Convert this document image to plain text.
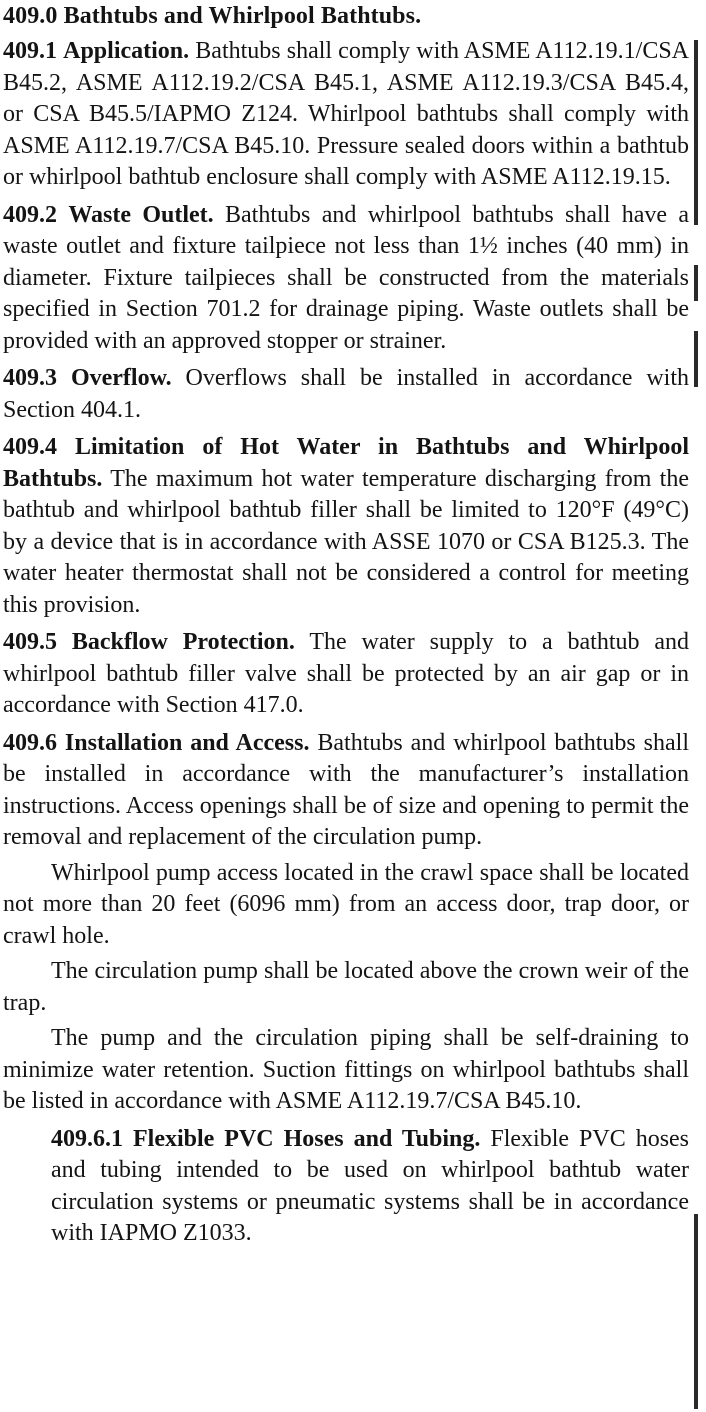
409.0 Bathtubs and Whirlpool Bathtubs.

409.1 Application. Bathtubs shall comply with ASME A112.19.1/CSA B45.2, ASME A112.19.2/CSA B45.1, ASME A112.19.3/CSA B45.4, or CSA B45.5/IAPMO Z124. Whirlpool bathtubs shall comply with ASME A112.19.7/CSA B45.10. Pressure sealed doors within a bathtub or whirlpool bathtub enclosure shall comply with ASME A112.19.15.

409.2 Waste Outlet. Bathtubs and whirlpool bathtubs shall have a waste outlet and fixture tailpiece not less than 1½ inches (40 mm) in diameter. Fixture tailpieces shall be constructed from the materials specified in Section 701.2 for drainage piping. Waste outlets shall be provided with an approved stopper or strainer.

409.3 Overflow. Overflows shall be installed in accordance with Section 404.1.

409.4 Limitation of Hot Water in Bathtubs and Whirlpool Bathtubs. The maximum hot water temperature discharging from the bathtub and whirlpool bathtub filler shall be limited to 120°F (49°C) by a device that is in accordance with ASSE 1070 or CSA B125.3. The water heater thermostat shall not be considered a control for meeting this provision.

409.5 Backflow Protection. The water supply to a bathtub and whirlpool bathtub filler valve shall be protected by an air gap or in accordance with Section 417.0.

409.6 Installation and Access. Bathtubs and whirlpool bathtubs shall be installed in accordance with the manufacturer’s installation instructions. Access openings shall be of size and opening to permit the removal and replacement of the circulation pump.

Whirlpool pump access located in the crawl space shall be located not more than 20 feet (6096 mm) from an access door, trap door, or crawl hole.

The circulation pump shall be located above the crown weir of the trap.

The pump and the circulation piping shall be self-draining to minimize water retention. Suction fittings on whirlpool bathtubs shall be listed in accordance with ASME A112.19.7/CSA B45.10.

409.6.1 Flexible PVC Hoses and Tubing. Flexible PVC hoses and tubing intended to be used on whirlpool bathtub water circulation systems or pneumatic systems shall be in accordance with IAPMO Z1033.
